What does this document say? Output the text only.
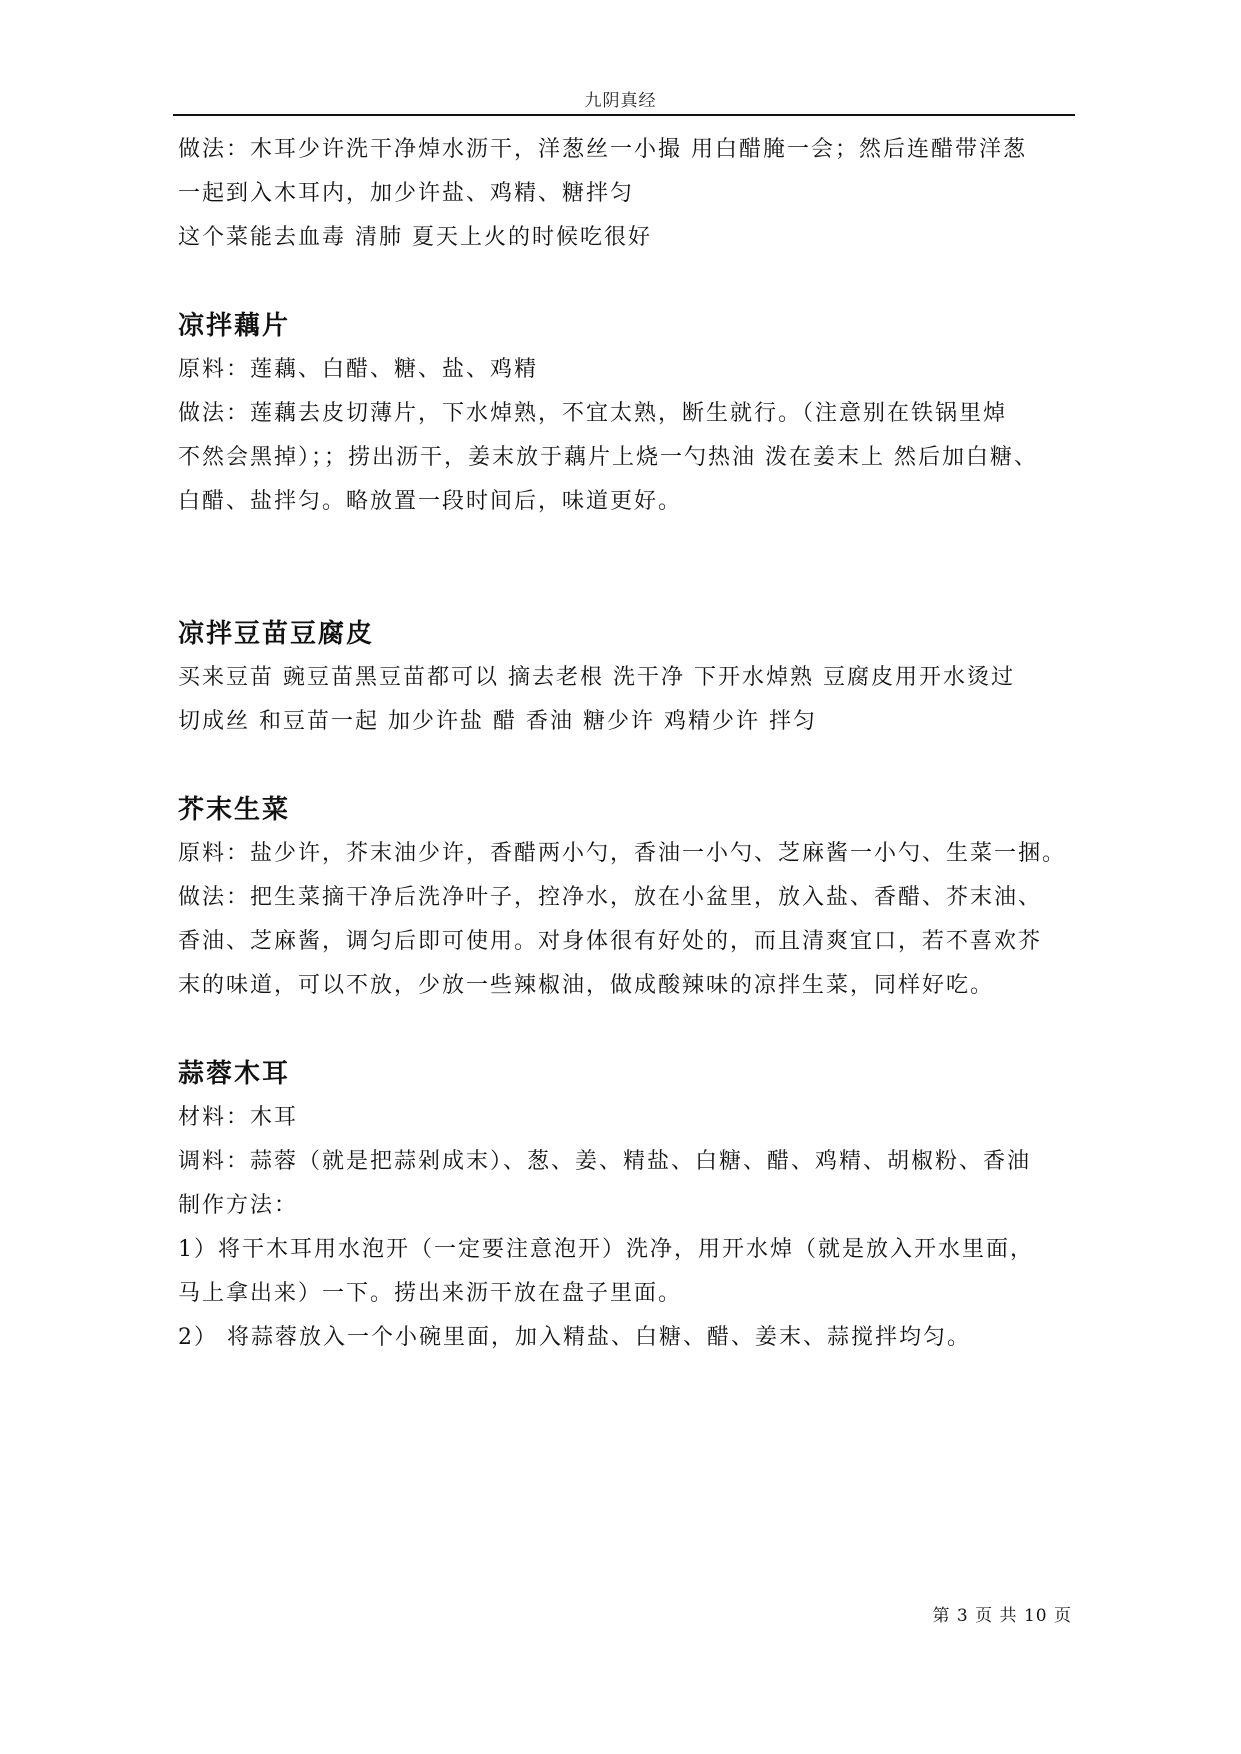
九阴真经
做法：木耳少许洗干净焯水沥干，洋葱丝一小撮 用白醋腌一会；然后连醋带洋葱
一起到入木耳内，加少许盐、鸡精、糖拌匀
这个菜能去血毒 清肺 夏天上火的时候吃很好
凉拌藕片
原料：莲藕、白醋、糖、盐、鸡精
做法：莲藕去皮切薄片，下水焯熟，不宜太熟，断生就行。（注意别在铁锅里焯
不然会黑掉）；；捞出沥干，姜末放于藕片上烧一勺热油 泼在姜末上 然后加白糖、
白醋、盐拌匀。略放置一段时间后，味道更好。
凉拌豆苗豆腐皮
买来豆苗 豌豆苗黑豆苗都可以 摘去老根 洗干净 下开水焯熟 豆腐皮用开水烫过
切成丝 和豆苗一起 加少许盐 醋 香油 糖少许 鸡精少许 拌匀
芥末生菜
原料：盐少许，芥末油少许，香醋两小勺，香油一小勺、芝麻酱一小勺、生菜一捆。
做法：把生菜摘干净后洗净叶子，控净水，放在小盆里，放入盐、香醋、芥末油、
香油、芝麻酱，调匀后即可使用。对身体很有好处的，而且清爽宜口，若不喜欢芥
末的味道，可以不放，少放一些辣椒油，做成酸辣味的凉拌生菜，同样好吃。
蒜蓉木耳
材料：木耳
调料：蒜蓉（就是把蒜剁成末）、葱、姜、精盐、白糖、醋、鸡精、胡椒粉、香油
制作方法：
1）将干木耳用水泡开（一定要注意泡开）洗净，用开水焯（就是放入开水里面，
马上拿出来）一下。捞出来沥干放在盘子里面。
2） 将蒜蓉放入一个小碗里面，加入精盐、白糖、醋、姜末、蒜搅拌均匀。
第 3 页 共 10 页
